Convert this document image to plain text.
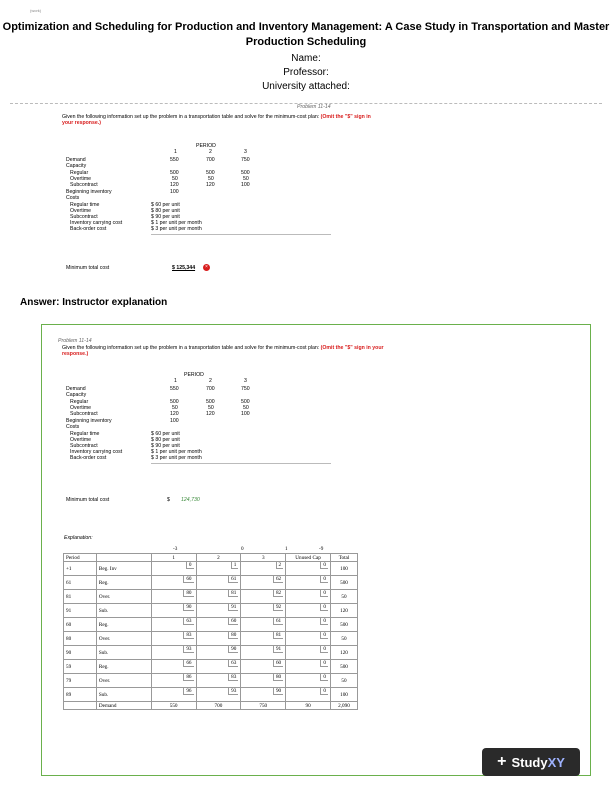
(work)
Optimization and Scheduling for Production and Inventory Management: A Case Study in Transportation and Master Production Scheduling
Name:
Professor:
University attached:
Problem 11-14
Given the following information set up the problem in a transportation table and solve for the minimum-cost plan: (Omit the "$" sign in your response.)
PERIOD
1	2	3
Demand	550	700	750
Capacity
Regular	500	500	500
Overtime	50	50	50
Subcontract	120	120	100
Beginning inventory	100
Costs
Regular time	$ 60 per unit
Overtime	$ 80 per unit
Subcontract	$ 90 per unit
Inventory carrying cost	$ 1 per unit per month
Back-order cost	$ 3 per unit per month
Minimum total cost	$ 125,344	×
Answer: Instructor explanation
Problem 11-14
Given the following information set up the problem in a transportation table and solve for the minimum-cost plan: (Omit the "$" sign in your response.)
PERIOD
1	2	3
Demand	550	700	750
Capacity
Regular	500	500	500
Overtime	50	50	50
Subcontract	120	120	100
Beginning inventory	100
Costs
Regular time	$ 60 per unit
Overtime	$ 80 per unit
Subcontract	$ 90 per unit
Inventory carrying cost	$ 1 per unit per month
Back-order cost	$ 3 per unit per month
Minimum total cost	$ 124,730
Explanation:
-3	0	1	-9
Period		1	2	3	Unused Cap	Total
+1	Beg. Inv	0	1	2	0	100
61	Reg.	60	61	62	0	500
81	Over.	80	81	82	0	50
91	Sub.	90	91	92	0	120
60	Reg.	63	60	61	0	500
80	Over.	83	80	81	0	50
90	Sub.	93	90	91	0	120
59	Reg.	66	63	60	0	500
79	Over.	86	83	80	0	50
89	Sub.	96	93	90	0	100
	Demand	550	700	750	90	2,090
+ Study XY
